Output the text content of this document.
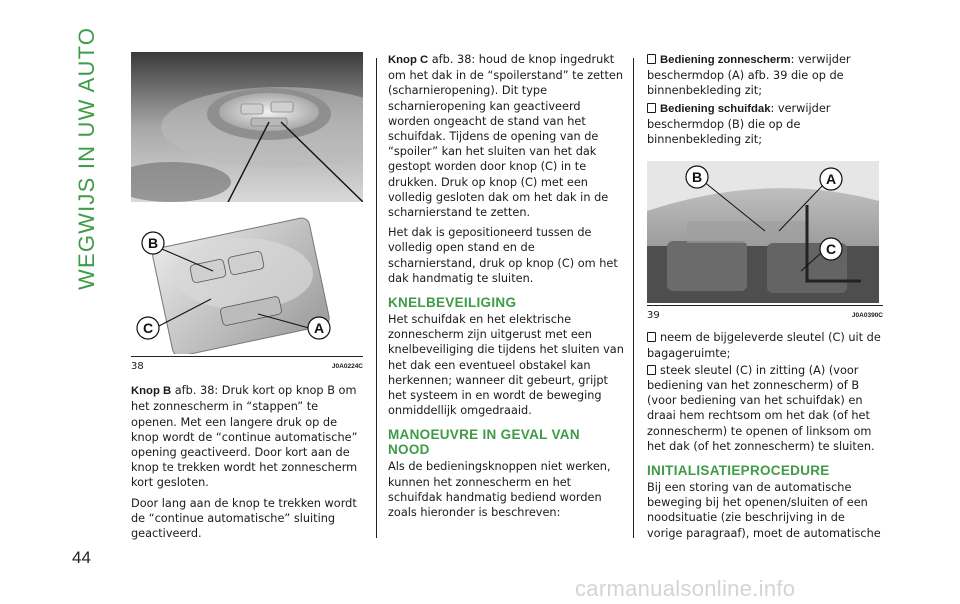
WEGWIJS IN UW AUTO
44
B
C	A
38	J0A0224C

Knop B afb. 38: Druk kort op knop B om het zonnescherm in “stappen” te openen. Met een langere druk op de knop wordt de “continue automatische” opening geactiveerd. Door kort aan de knop te trekken wordt het zonnescherm kort gesloten.

Door lang aan de knop te trekken wordt de “continue automatische” sluiting geactiveerd.

Knop C afb. 38: houd de knop ingedrukt om het dak in de “spoilerstand” te zetten (scharnieropening). Dit type scharnieropening kan geactiveerd worden ongeacht de stand van het schuifdak. Tijdens de opening van de “spoiler” kan het sluiten van het dak gestopt worden door knop (C) in te drukken. Druk op knop (C) met een volledig gesloten dak om het dak in de scharnierstand te zetten.

Het dak is gepositioneerd tussen de volledig open stand en de scharnierstand, druk op knop (C) om het dak handmatig te sluiten.

KNELBEVEILIGING

Het schuifdak en het elektrische zonnescherm zijn uitgerust met een knelbeveiliging die tijdens het sluiten van het dak een eventueel obstakel kan herkennen; wanneer dit gebeurt, grijpt het systeem in en wordt de beweging onmiddellijk omgedraaid.

MANOEUVRE IN GEVAL VAN NOOD

Als de bedieningsknoppen niet werken, kunnen het zonnescherm en het schuifdak handmatig bediend worden zoals hieronder is beschreven:

Bediening zonnescherm: verwijder beschermdop (A) afb. 39 die op de binnenbekleding zit;

Bediening schuifdak: verwijder beschermdop (B) die op de binnenbekleding zit;

B	A
C
39	J0A0390C

neem de bijgeleverde sleutel (C) uit de bagageruimte;

steek sleutel (C) in zitting (A) (voor bediening van het zonnescherm) of B (voor bediening van het schuifdak) en draai hem rechtsom om het dak (of het zonnescherm) te openen of linksom om het dak (of het zonnescherm) te sluiten.

INITIALISATIEPROCEDURE

Bij een storing van de automatische beweging bij het openen/sluiten of een noodsituatie (zie beschrijving in de vorige paragraaf), moet de automatische

carmanualsonline.info
